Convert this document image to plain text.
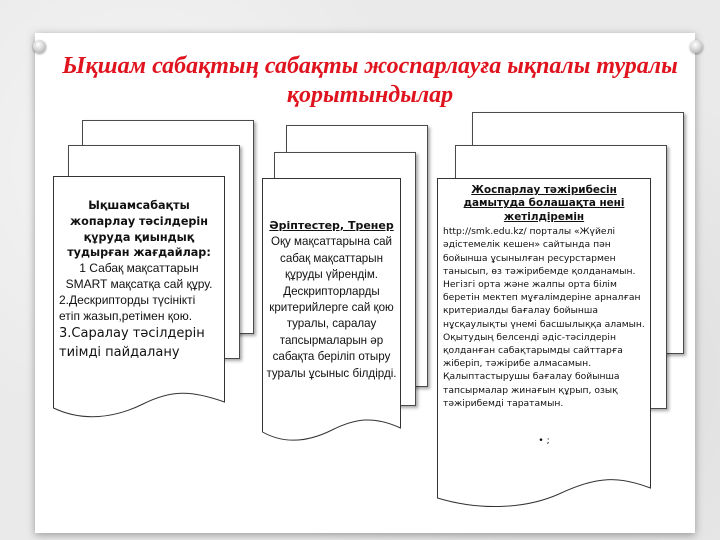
Ықшам сабақтың сабақты жоспарлауға ықпалы туралы қорытындылар
Ықшамсабақты жопарлау тәсілдерін құруда қиындық тудырған жағдайлар:
1 Сабақ мақсаттарын SMART мақсатқа сай құру.
2.Дескрипторды түсінікті етіп жазып,ретімен қою.
3.Саралау тәсілдерін тиімді пайдалану
Әріптестер, Тренер
Оқу мақсаттарына сай сабақ мақсаттарын құруды үйрендім. Дескрипторларды критерийлерге сай қою туралы, саралау тапсырмаларын әр сабақта беріліп отыру туралы ұсыныс білдірді.
Жоспарлау тәжірибесін дамытуда болашақта нені жетілдіремін
http://smk.edu.kz/ порталы «Жүйелі әдістемелік кешен» сайтында пән бойынша ұсынылған ресурстармен танысып, өз тәжірибемде қолданамын.
Негізгі орта және жалпы орта білім беретін мектеп мұғалімдеріне арналған критериалды бағалау бойынша нұсқаулықты үнемі басшылыққа аламын.
Оқытудың белсенді әдіс-тәсілдерін қолданған сабақтарымды сайттарға жіберіп, тәжірибе алмасамын.
Қалыптастырушы бағалау бойынша тапсырмалар жинағын құрып, озық тәжірибемді таратамын.
• ;
